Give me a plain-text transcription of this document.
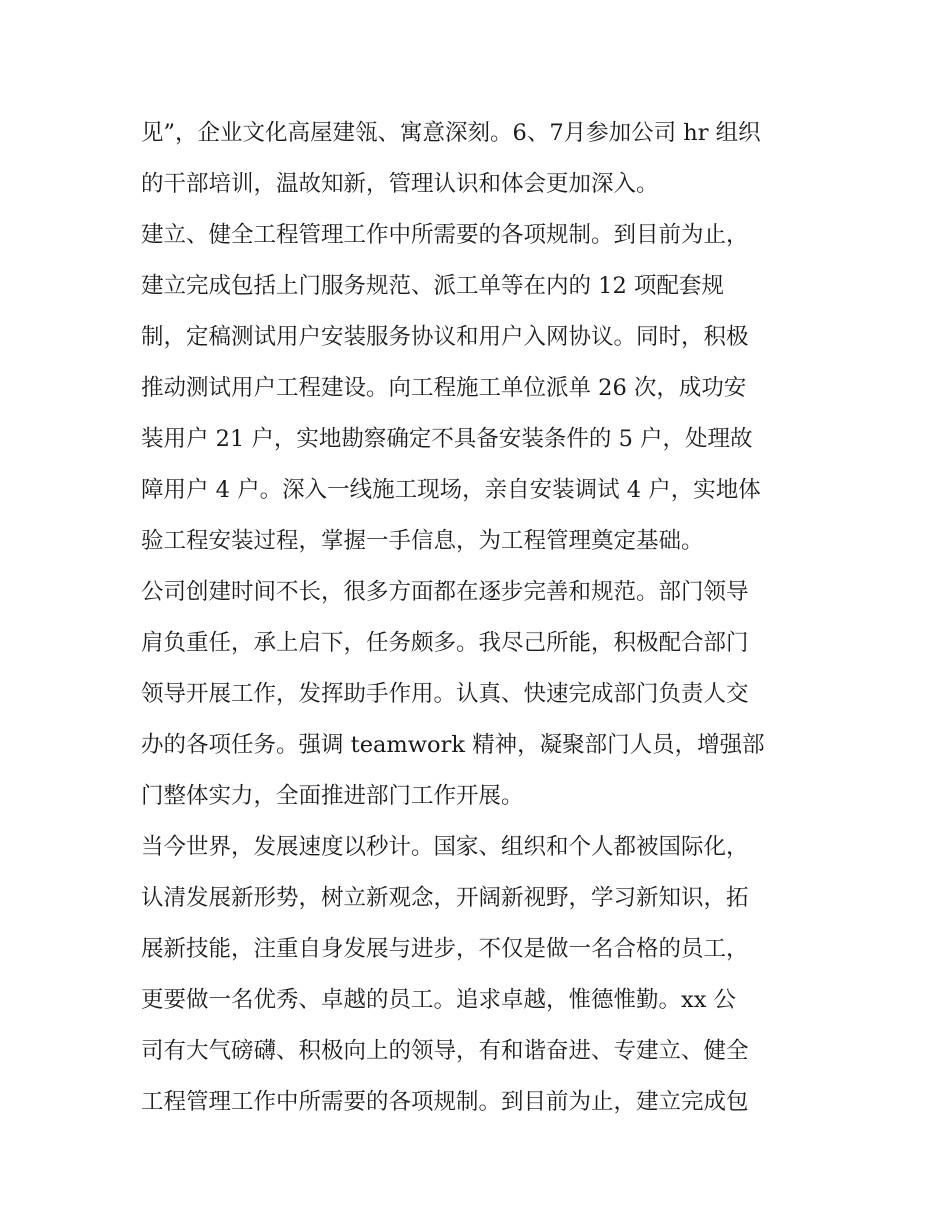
见”，企业文化高屋建瓴、寓意深刻。6、7月参加公司 hr 组织
的干部培训，温故知新，管理认识和体会更加深入。
建立、健全工程管理工作中所需要的各项规制。到目前为止，
建立完成包括上门服务规范、派工单等在内的 12 项配套规
制，定稿测试用户安装服务协议和用户入网协议。同时，积极
推动测试用户工程建设。向工程施工单位派单 26 次，成功安
装用户 21 户，实地勘察确定不具备安装条件的 5 户，处理故
障用户 4 户。深入一线施工现场，亲自安装调试 4 户，实地体
验工程安装过程，掌握一手信息，为工程管理奠定基础。
公司创建时间不长，很多方面都在逐步完善和规范。部门领导
肩负重任，承上启下，任务颇多。我尽己所能，积极配合部门
领导开展工作，发挥助手作用。认真、快速完成部门负责人交
办的各项任务。强调 teamwork 精神，凝聚部门人员，增强部
门整体实力，全面推进部门工作开展。
当今世界，发展速度以秒计。国家、组织和个人都被国际化，
认清发展新形势，树立新观念，开阔新视野，学习新知识，拓
展新技能，注重自身发展与进步，不仅是做一名合格的员工，
更要做一名优秀、卓越的员工。追求卓越，惟德惟勤。xx 公
司有大气磅礴、积极向上的领导，有和谐奋进、专建立、健全
工程管理工作中所需要的各项规制。到目前为止，建立完成包
